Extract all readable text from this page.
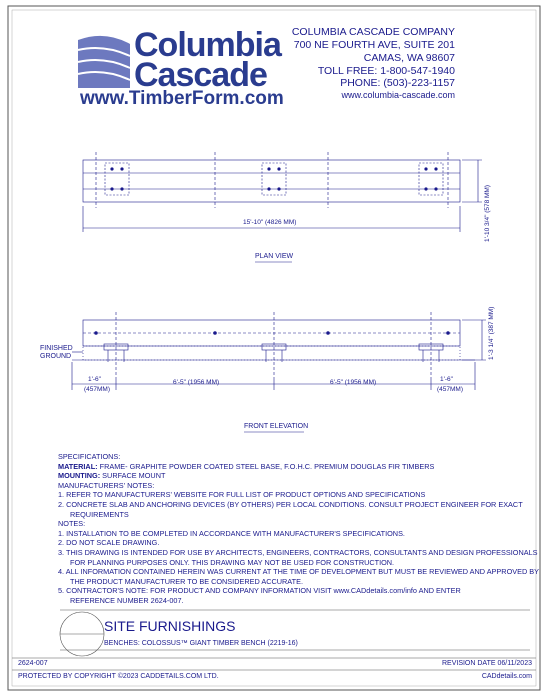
Columbia
Cascade
www.TimberForm.com
COLUMBIA CASCADE COMPANY
700 NE FOURTH AVE, SUITE 201
CAMAS, WA 98607
TOLL FREE: 1-800-547-1940
PHONE: (503)-223-1157
www.columbia-cascade.com
1'-10 3/4" (578 MM)
15'-10" (4826 MM)
PLAN VIEW
FINISHED
GROUND	1'-3 1/4" (387 MM)
1'-6"
(457MM)
6'-5" (1956 MM)	6'-5" (1956 MM)	1'-6"
(457MM)
FRONT ELEVATION
SPECIFICATIONS:
MATERIAL: FRAME- GRAPHITE POWDER COATED STEEL BASE, F.O.H.C. PREMIUM DOUGLAS FIR TIMBERS
MOUNTING: SURFACE MOUNT
MANUFACTURERS' NOTES:
1. REFER TO MANUFACTURERS' WEBSITE FOR FULL LIST OF PRODUCT OPTIONS AND SPECIFICATIONS
2. CONCRETE SLAB AND ANCHORING DEVICES (BY OTHERS) PER LOCAL CONDITIONS. CONSULT PROJECT ENGINEER FOR EXACT
REQUIREMENTS
NOTES:
1. INSTALLATION TO BE COMPLETED IN ACCORDANCE WITH MANUFACTURER'S SPECIFICATIONS.
2. DO NOT SCALE DRAWING.
3. THIS DRAWING IS INTENDED FOR USE BY ARCHITECTS, ENGINEERS, CONTRACTORS, CONSULTANTS AND DESIGN PROFESSIONALS
FOR PLANNING PURPOSES ONLY. THIS DRAWING MAY NOT BE USED FOR CONSTRUCTION.
4. ALL INFORMATION CONTAINED HEREIN WAS CURRENT AT THE TIME OF DEVELOPMENT BUT MUST BE REVIEWED AND APPROVED BY
THE PRODUCT MANUFACTURER TO BE CONSIDERED ACCURATE.
5. CONTRACTOR'S NOTE: FOR PRODUCT AND COMPANY INFORMATION VISIT www.CADdetails.com/info AND ENTER
REFERENCE NUMBER 2624-007.
SITE FURNISHINGS
BENCHES: COLOSSUS™ GIANT TIMBER BENCH (2219-16)
2624-007	REVISION DATE 06/11/2023
PROTECTED BY COPYRIGHT ©2023 CADDETAILS.COM LTD.	CADdetails.com
